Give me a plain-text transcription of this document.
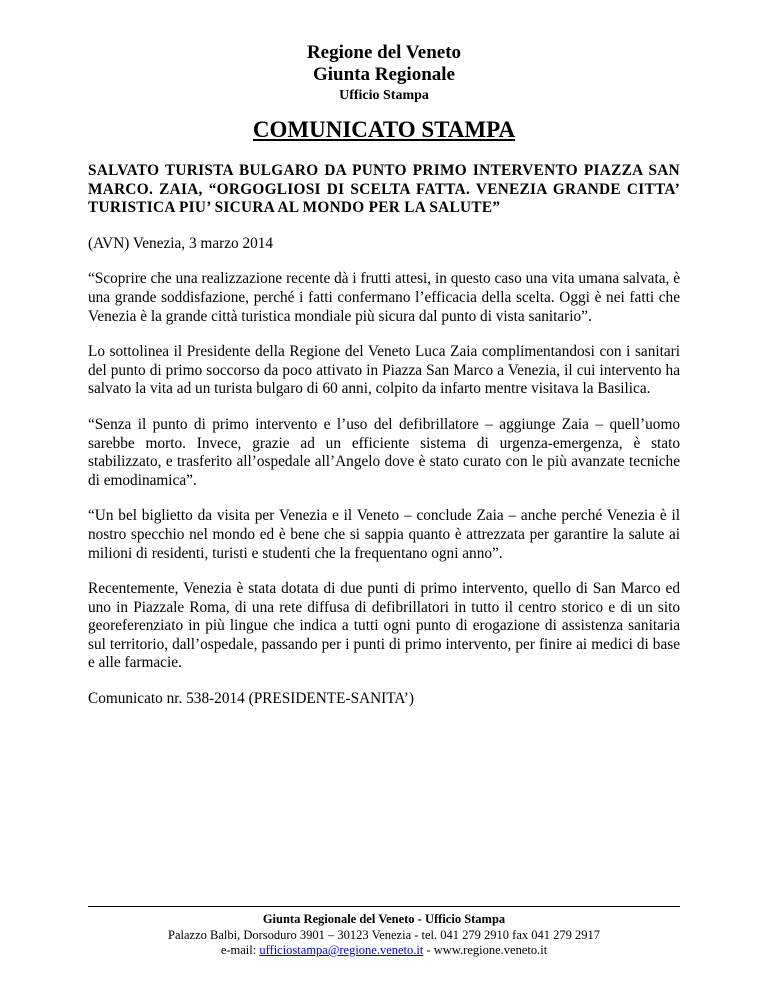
Regione del Veneto
Giunta Regionale
Ufficio Stampa
COMUNICATO STAMPA

SALVATO TURISTA BULGARO DA PUNTO PRIMO INTERVENTO PIAZZA SAN MARCO. ZAIA, “ORGOGLIOSI DI SCELTA FATTA. VENEZIA GRANDE CITTA’ TURISTICA PIU’ SICURA AL MONDO PER LA SALUTE”

(AVN) Venezia, 3 marzo 2014

“Scoprire che una realizzazione recente dà i frutti attesi, in questo caso una vita umana salvata, è una grande soddisfazione, perché i fatti confermano l’efficacia della scelta. Oggi è nei fatti che Venezia è la grande città turistica mondiale più sicura dal punto di vista sanitario”.

Lo sottolinea il Presidente della Regione del Veneto Luca Zaia complimentandosi con i sanitari del punto di primo soccorso da poco attivato in Piazza San Marco a Venezia, il cui intervento ha salvato la vita ad un turista bulgaro di 60 anni, colpito da infarto mentre visitava la Basilica.

“Senza il punto di primo intervento e l’uso del defibrillatore – aggiunge Zaia – quell’uomo sarebbe morto. Invece, grazie ad un efficiente sistema di urgenza-emergenza, è stato stabilizzato, e trasferito all’ospedale all’Angelo dove è stato curato con le più avanzate tecniche di emodinamica”.

“Un bel biglietto da visita per Venezia e il Veneto – conclude Zaia – anche perché Venezia è il nostro specchio nel mondo ed è bene che si sappia quanto è attrezzata per garantire la salute ai milioni di residenti, turisti e studenti che la frequentano ogni anno”.

Recentemente, Venezia è stata dotata di due punti di primo intervento, quello di San Marco ed uno in Piazzale Roma, di una rete diffusa di defibrillatori in tutto il centro storico e di un sito georeferenziato in più lingue che indica a tutti ogni punto di erogazione di assistenza sanitaria sul territorio, dall’ospedale, passando per i punti di primo intervento, per finire ai medici di base e alle farmacie.

Comunicato nr. 538-2014 (PRESIDENTE-SANITA’)

Giunta Regionale del Veneto - Ufficio Stampa
Palazzo Balbi, Dorsoduro 3901 – 30123 Venezia - tel. 041 279 2910 fax 041 279 2917
e-mail: ufficiostampa@regione.veneto.it - www.regione.veneto.it
